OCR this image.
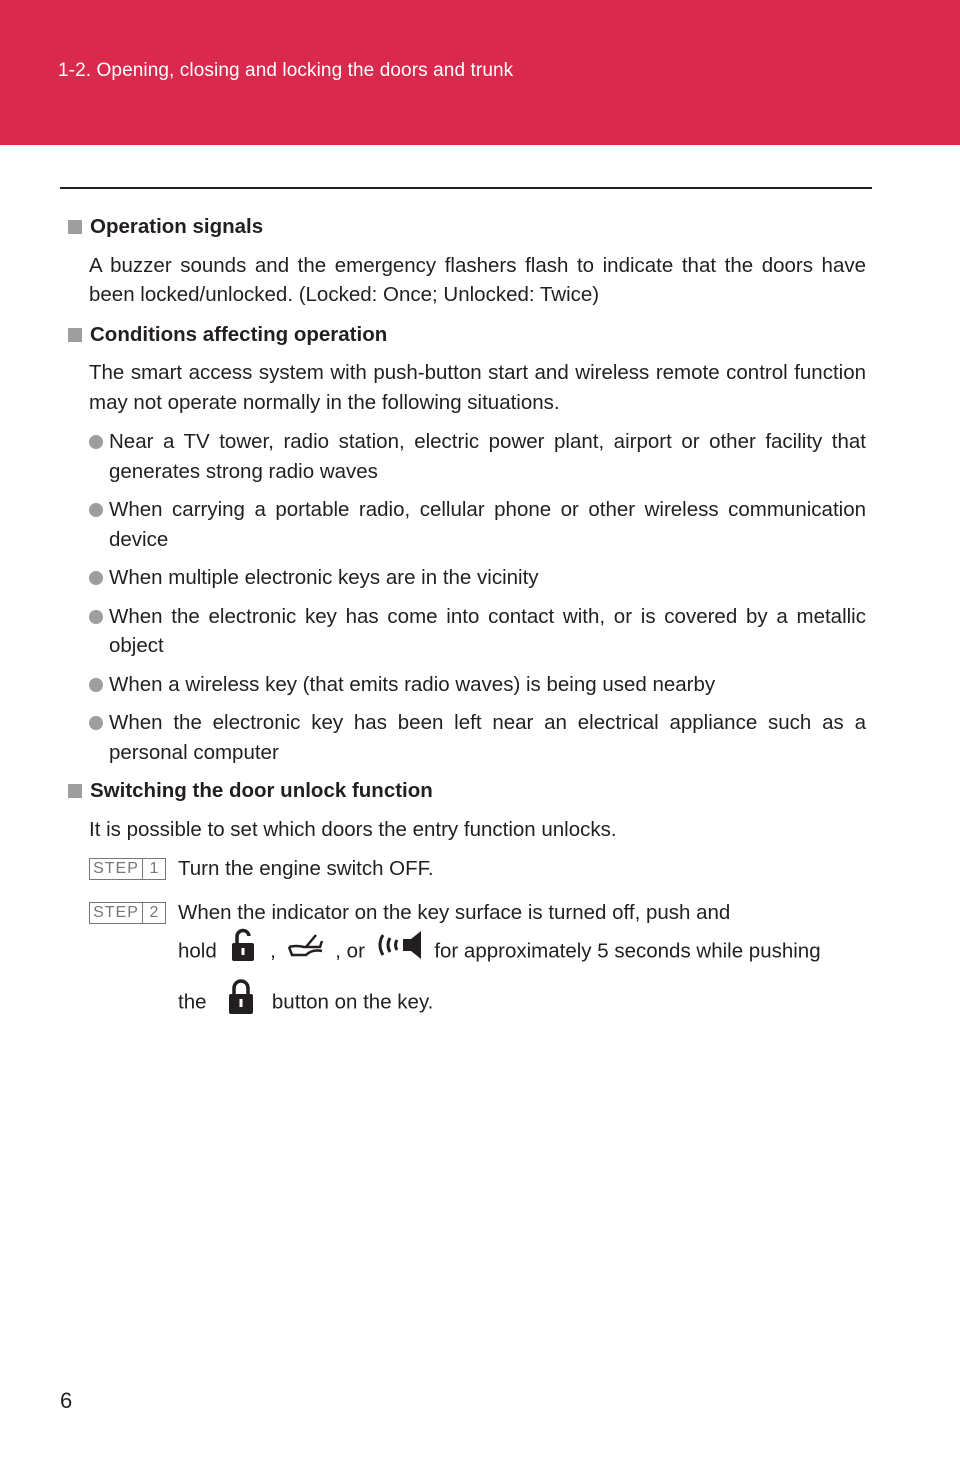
1-2. Opening, closing and locking the doors and trunk
Operation signals

A buzzer sounds and the emergency flashers flash to indicate that the doors have been locked/unlocked. (Locked: Once; Unlocked: Twice)

Conditions affecting operation

The smart access system with push-button start and wireless remote control function may not operate normally in the following situations.

Near a TV tower, radio station, electric power plant, airport or other facility that generates strong radio waves
When carrying a portable radio, cellular phone or other wireless communication device
When multiple electronic keys are in the vicinity
When the electronic key has come into contact with, or is covered by a metallic object
When a wireless key (that emits radio waves) is being used nearby
When the electronic key has been left near an electrical appliance such as a personal computer
Switching the door unlock function

It is possible to set which doors the entry function unlocks.

STEP 1 Turn the engine switch OFF.
STEP 2 When the indicator on the key surface is turned off, push and
hold	,	, or	for approximately 5 seconds while pushing
the	button on the key.
6
